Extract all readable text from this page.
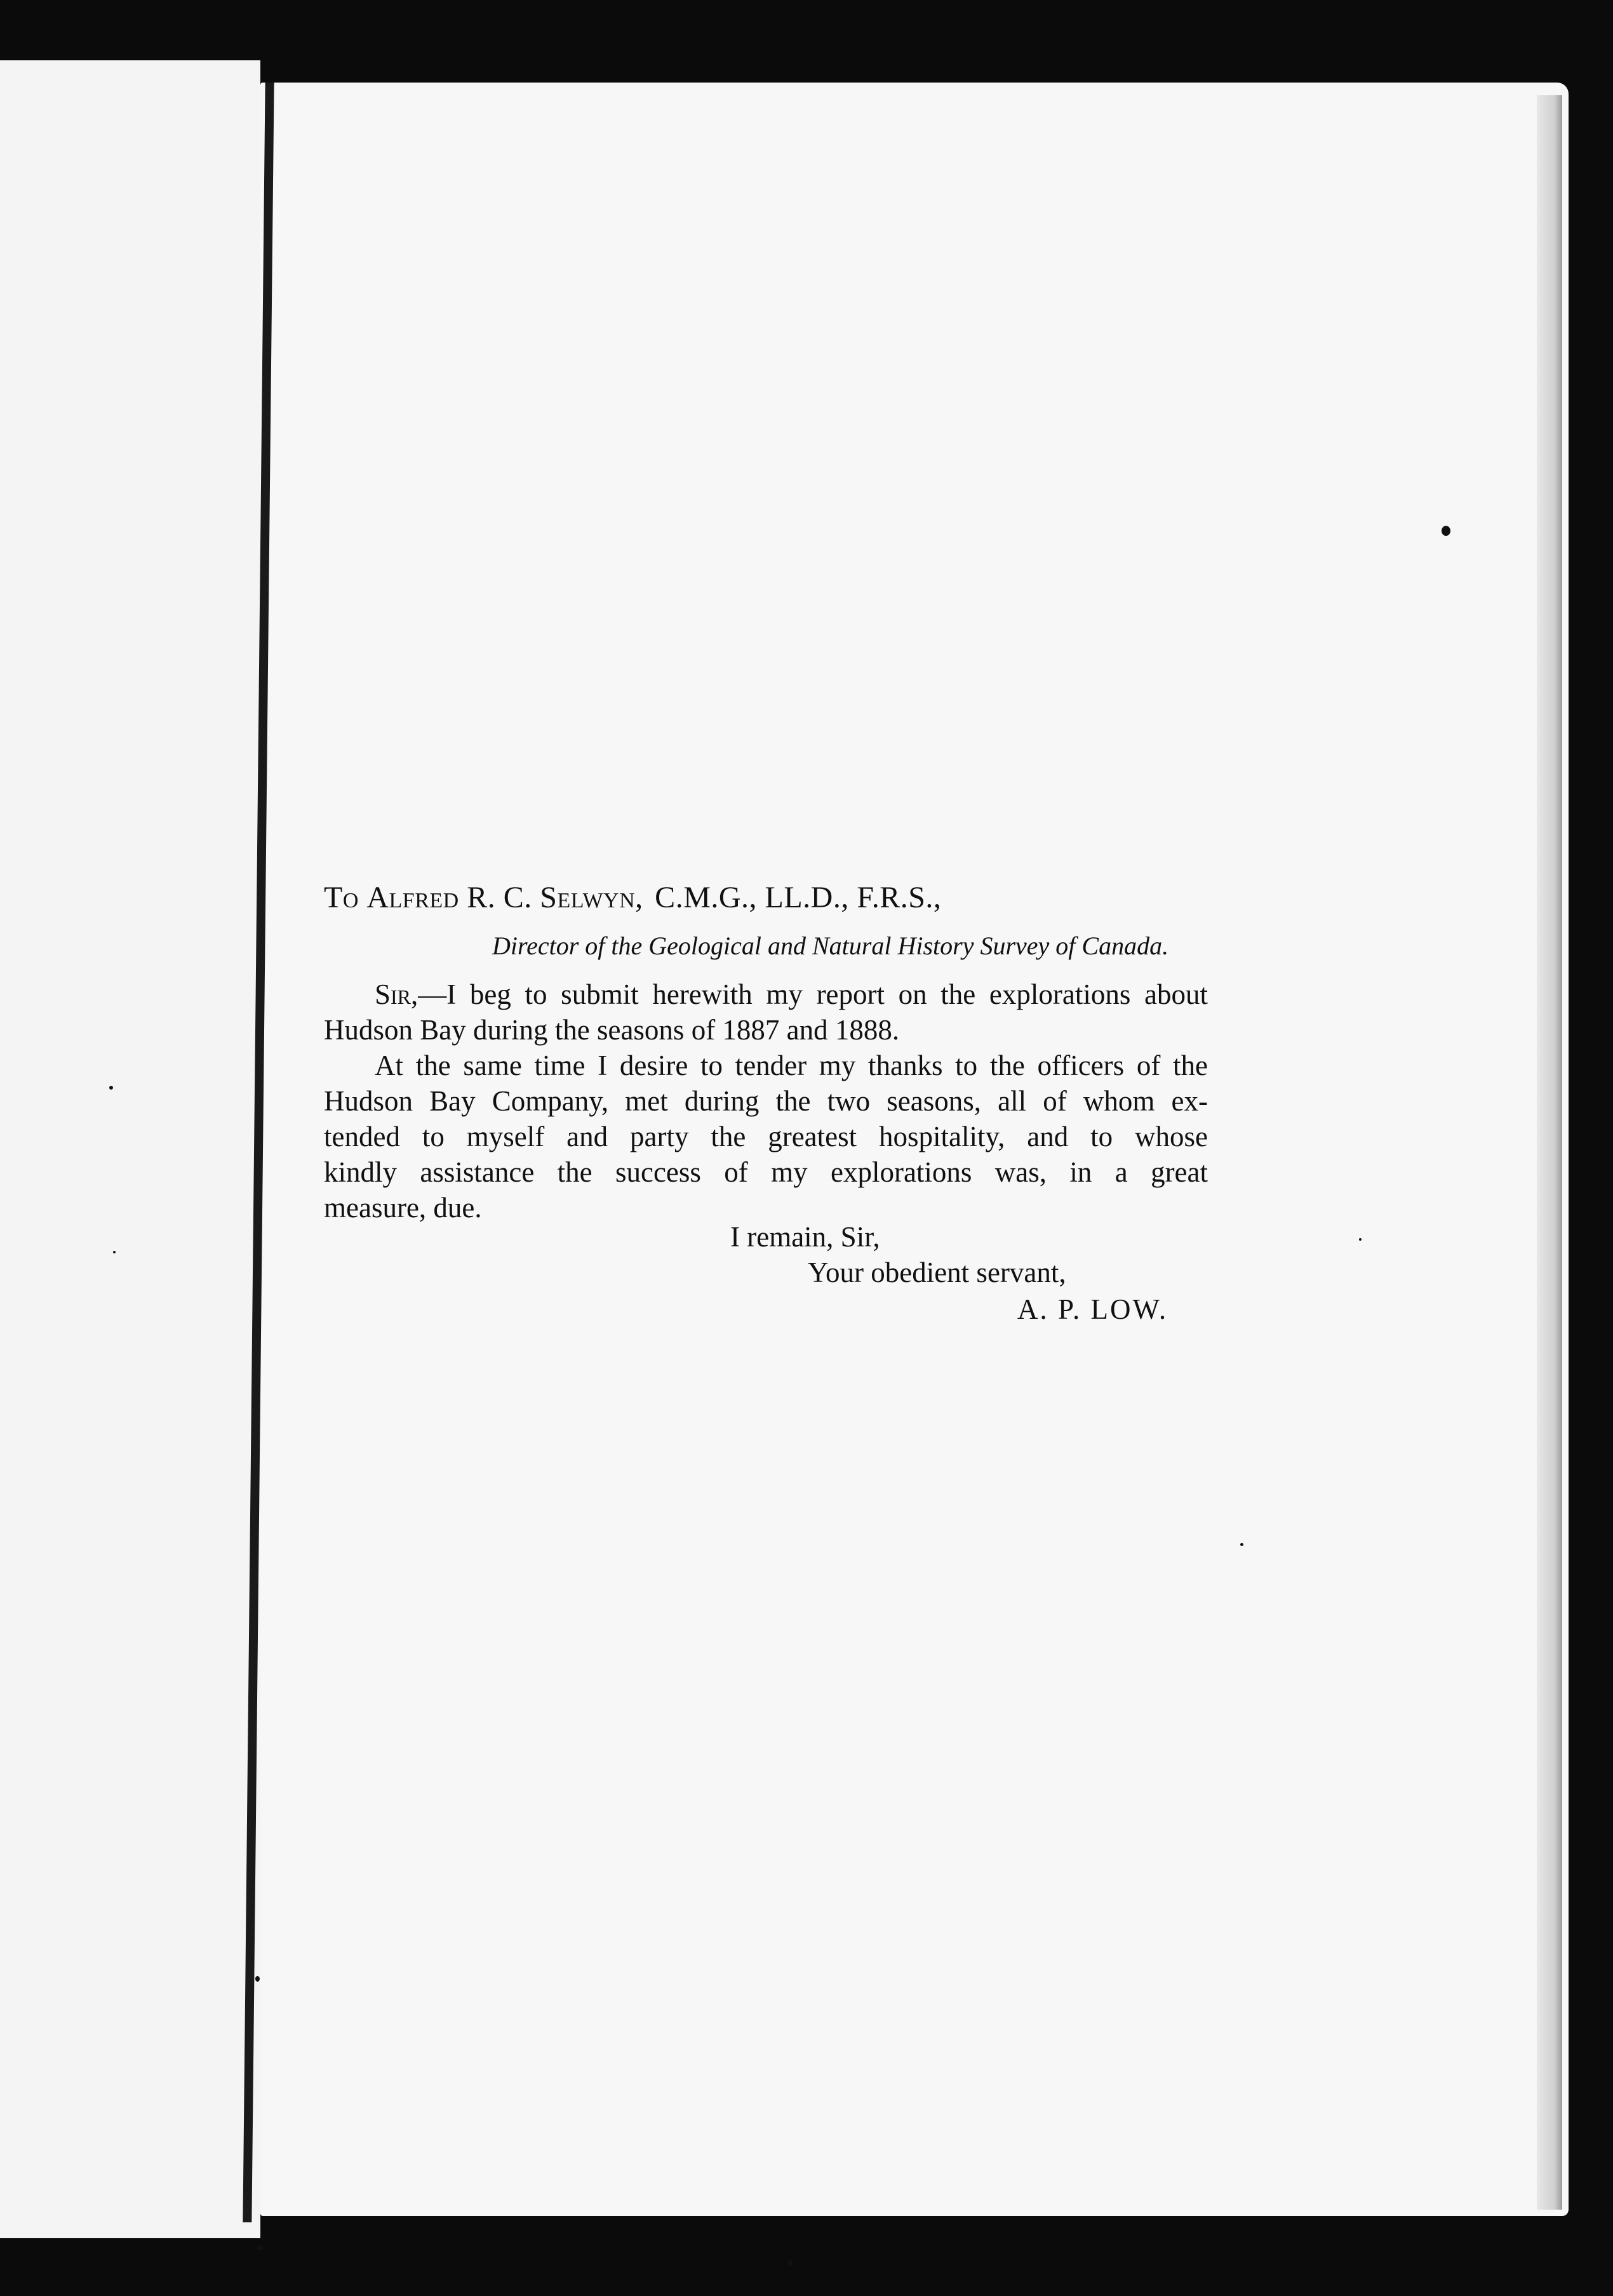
To Alfred R. C. Selwyn, C.M.G., LL.D., F.R.S.,
Director of the Geological and Natural History Survey of Canada.
Sir,—I beg to submit herewith my report on the explorations about
Hudson Bay during the seasons of 1887 and 1888.
At the same time I desire to tender my thanks to the officers of the
Hudson Bay Company, met during the two seasons, all of whom ex-
tended to myself and party the greatest hospitality, and to whose
kindly assistance the success of my explorations was, in a great
measure, due.
I remain, Sir,
Your obedient servant,
A. P. LOW.
